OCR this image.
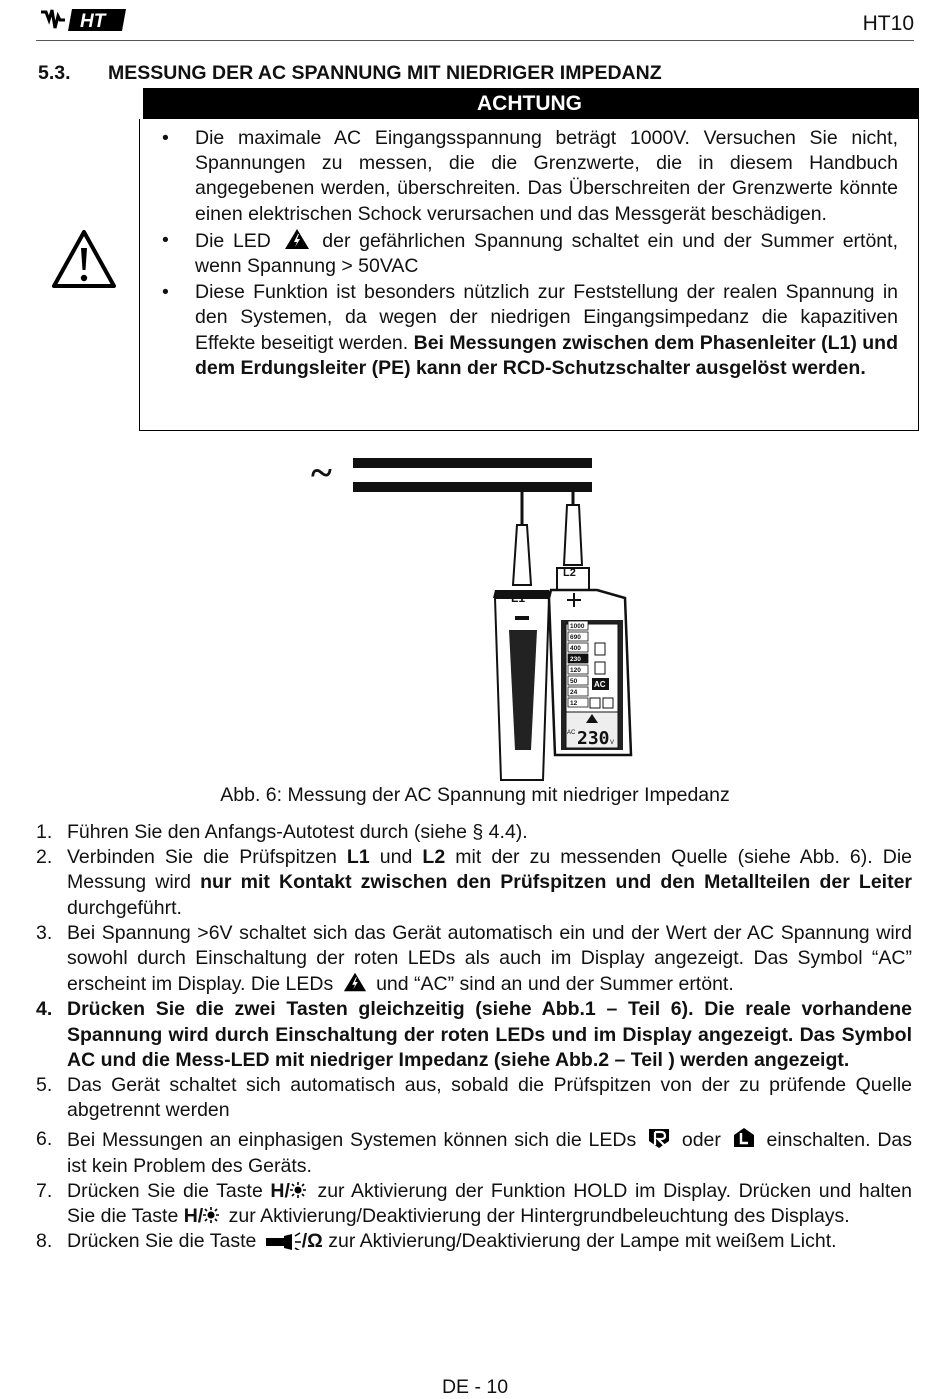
HT	HT10
5.3. MESSUNG DER AC SPANNUNG MIT NIEDRIGER IMPEDANZ
ACHTUNG
• Die maximale AC Eingangsspannung beträgt 1000V. Versuchen Sie nicht, Spannungen zu messen, die die Grenzwerte, die in diesem Handbuch angegebenen werden, überschreiten. Das Überschreiten der Grenzwerte könnte einen elektrischen Schock verursachen und das Messgerät beschädigen.
• Die LED	der gefährlichen Spannung schaltet ein und der Summer ertönt, wenn Spannung > 50VAC
• Diese Funktion ist besonders nützlich zur Feststellung der realen Spannung in den Systemen, da wegen der niedrigen Eingangsimpedanz die kapazitiven Effekte beseitigt werden. Bei Messungen zwischen dem Phasenleiter (L1) und dem Erdungsleiter (PE) kann der RCD-Schutzschalter ausgelöst werden.
~
L1
L2
1000
690
400
230
120
50
24
12
AC
AC 230 V
Abb. 6: Messung der AC Spannung mit niedriger Impedanz
1. Führen Sie den Anfangs-Autotest durch (siehe § 4.4).
2. Verbinden Sie die Prüfspitzen L1 und L2 mit der zu messenden Quelle (siehe Abb. 6). Die Messung wird nur mit Kontakt zwischen den Prüfspitzen und den Metallteilen der Leiter durchgeführt.
3. Bei Spannung >6V schaltet sich das Gerät automatisch ein und der Wert der AC Spannung wird sowohl durch Einschaltung der roten LEDs als auch im Display angezeigt. Das Symbol “AC” erscheint im Display. Die LEDs und “AC” sind an und der Summer ertönt.
4. Drücken Sie die zwei Tasten gleichzeitig (siehe Abb.1 – Teil 6). Die reale vorhandene Spannung wird durch Einschaltung der roten LEDs und im Display angezeigt. Das Symbol AC und die Mess-LED mit niedriger Impedanz (siehe Abb.2 – Teil ) werden angezeigt.
5. Das Gerät schaltet sich automatisch aus, sobald die Prüfspitzen von der zu prüfende Quelle abgetrennt werden
6. Bei Messungen an einphasigen Systemen können sich die LEDs oder einschalten. Das ist kein Problem des Geräts.
7. Drücken Sie die Taste H/ zur Aktivierung der Funktion HOLD im Display. Drücken und halten Sie die Taste H/ zur Aktivierung/Deaktivierung der Hintergrundbeleuchtung des Displays.
8. Drücken Sie die Taste /Ω zur Aktivierung/Deaktivierung der Lampe mit weißem Licht.
DE - 10
